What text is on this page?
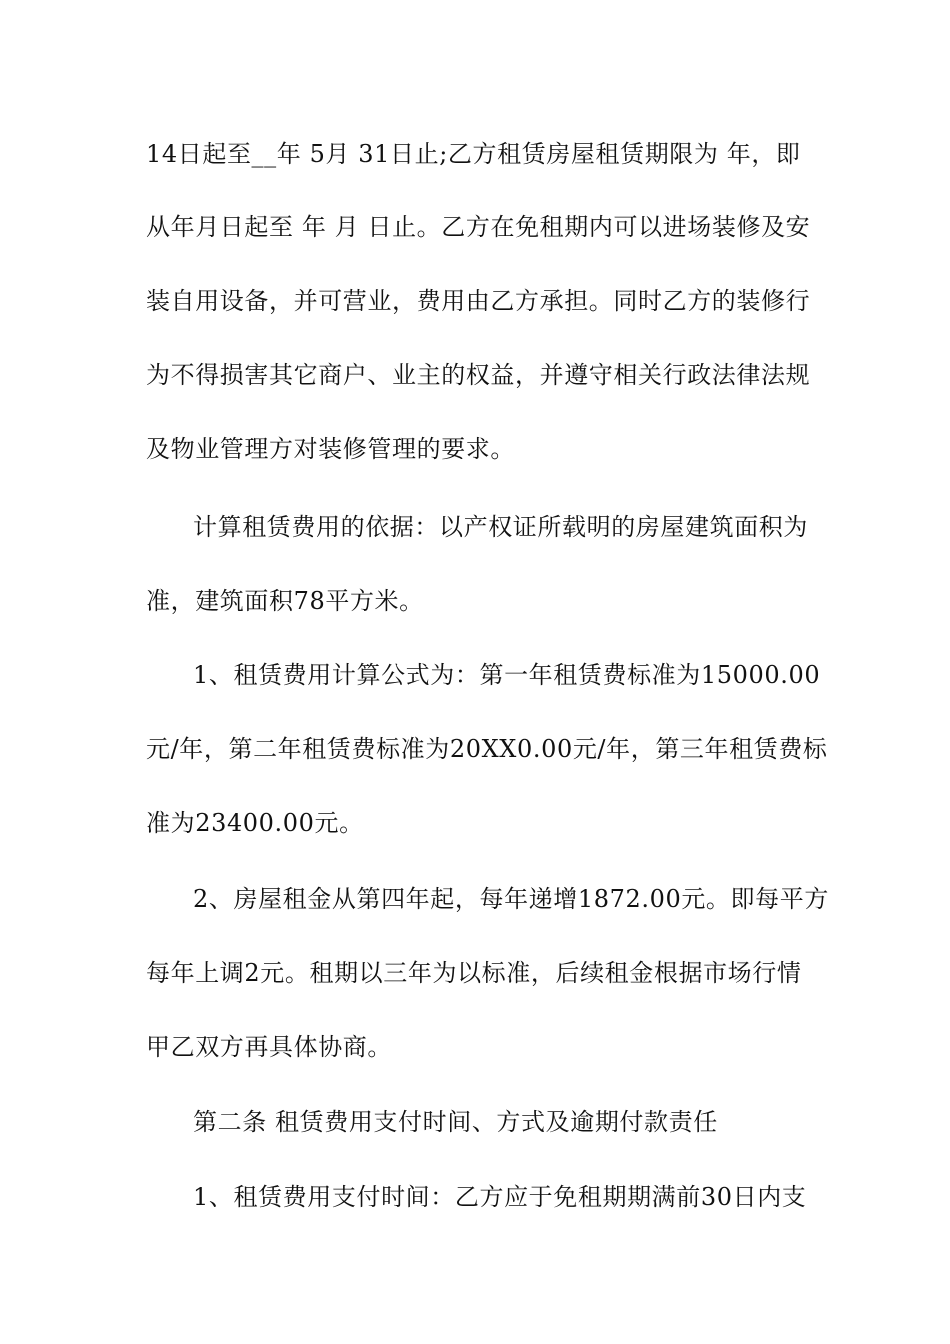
14日起至__年 5月 31日止;乙方租赁房屋租赁期限为 年，即
从年月日起至 年 月 日止。乙方在免租期内可以进场装修及安
装自用设备，并可营业，费用由乙方承担。同时乙方的装修行
为不得损害其它商户、业主的权益，并遵守相关行政法律法规
及物业管理方对装修管理的要求。
计算租赁费用的依据：以产权证所载明的房屋建筑面积为
准，建筑面积78平方米。
1、租赁费用计算公式为：第一年租赁费标准为15000.00
元/年，第二年租赁费标准为20XX0.00元/年，第三年租赁费标
准为23400.00元。
2、房屋租金从第四年起，每年递增1872.00元。即每平方
每年上调2元。租期以三年为以标准，后续租金根据市场行情
甲乙双方再具体协商。
第二条 租赁费用支付时间、方式及逾期付款责任
1、租赁费用支付时间：乙方应于免租期期满前30日内支
